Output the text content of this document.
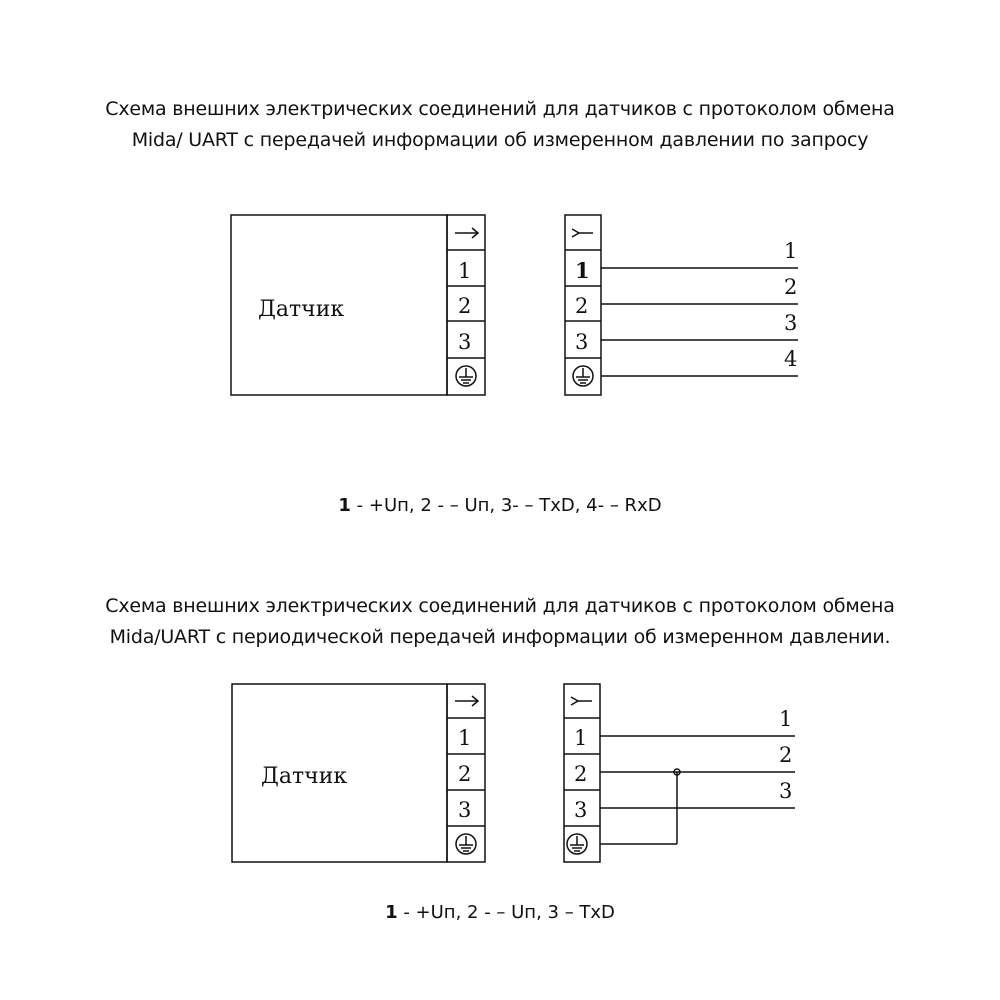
Схема внешних электрических соединений для датчиков с протоколом обмена
Mida/ UART с передачей информации об измеренном давлении по запросу
Схема внешних электрических соединений для датчиков с протоколом обмена
Mida/UART с периодической передачей информации об измеренном давлении.
1 - +Uп, 2 - – Uп, 3- – TxD, 4- – RxD
1 - +Uп, 2 - – Uп, 3 – TxD
Датчик
1
2
3
1
2
3
1
2
3
4
Датчик
1
2
3
1
2
3
1
2
3
